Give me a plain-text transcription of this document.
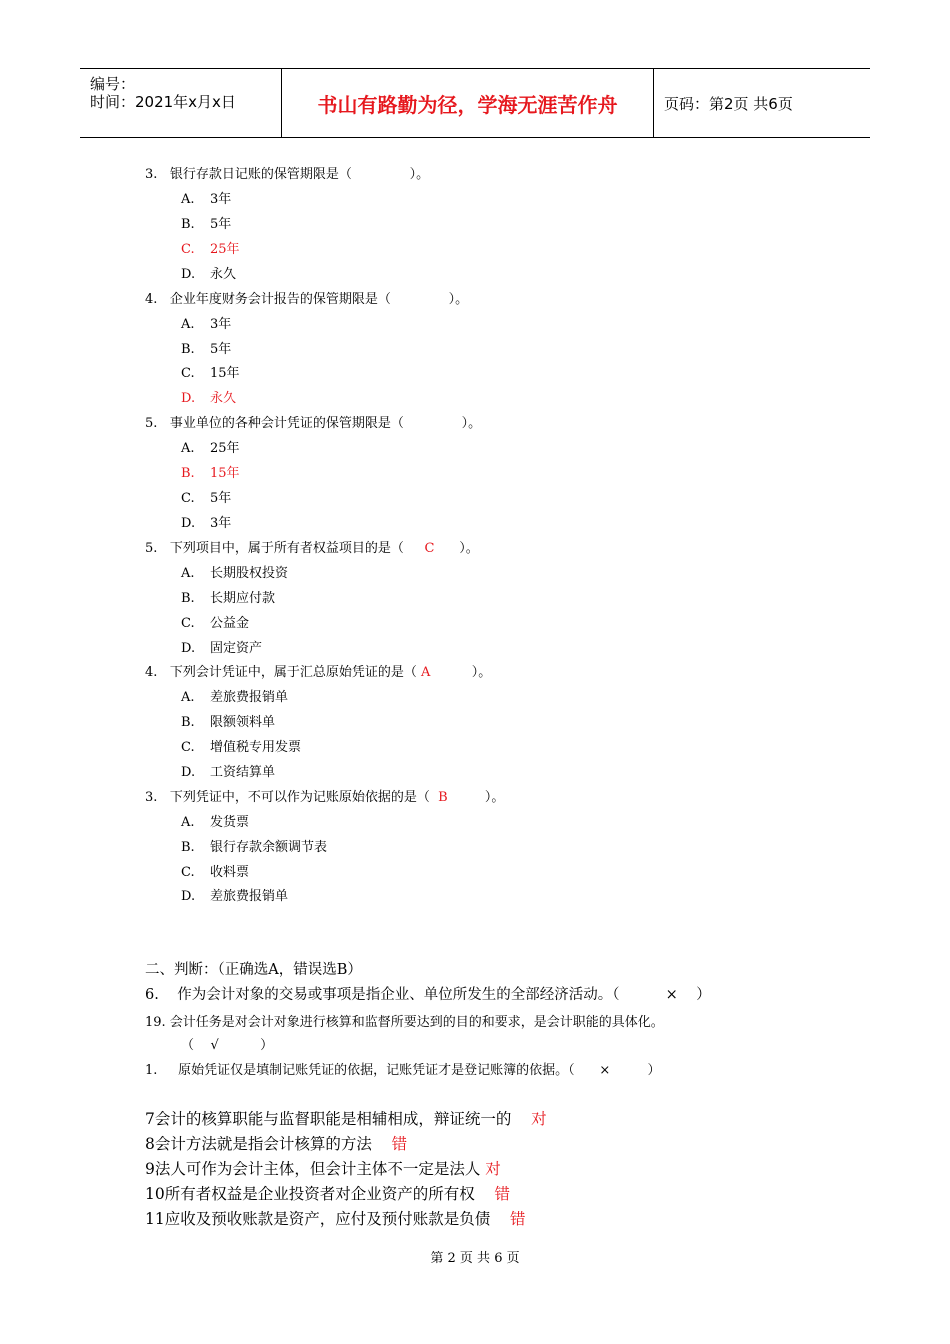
编号：
时间：2021年x月x日	书山有路勤为径，学海无涯苦作舟	页码：第2页 共6页
3. 银行存款日记账的保管期限是（              ）。
A. 3年
B. 5年
C. 25年
D. 永久
4. 企业年度财务会计报告的保管期限是（              ）。
A. 3年
B. 5年
C. 15年
D. 永久
5. 事业单位的各种会计凭证的保管期限是（              ）。
A. 25年
B. 15年
C. 5年
D. 3年
5. 下列项目中，属于所有者权益项目的是（ C ）。
A. 长期股权投资
B. 长期应付款
C. 公益金
D. 固定资产
4. 下列会计凭证中，属于汇总原始凭证的是（ A	）。
A. 差旅费报销单
B. 限额领料单
C. 增值税专用发票
D. 工资结算单
3. 下列凭证中，不可以作为记账原始依据的是（ B	）。
A. 发货票
B. 银行存款余额调节表
C. 收料票
D. 差旅费报销单
二、判断：（正确选A，错误选B）
6.    作为会计对象的交易或事项是指企业、单位所发生的全部经济活动。（          ×    ）
19. 会计任务是对会计对象进行核算和监督所要达到的目的和要求，是会计职能的具体化。
（    √          ）
1.     原始凭证仅是填制记账凭证的依据，记账凭证才是登记账簿的依据。（      ×         ）
7会计的核算职能与监督职能是相辅相成，辩证统一的    对
8会计方法就是指会计核算的方法    错
9法人可作为会计主体，但会计主体不一定是法人 对
10所有者权益是企业投资者对企业资产的所有权    错
11应收及预收账款是资产，应付及预付账款是负债    错
第 2 页 共 6 页
